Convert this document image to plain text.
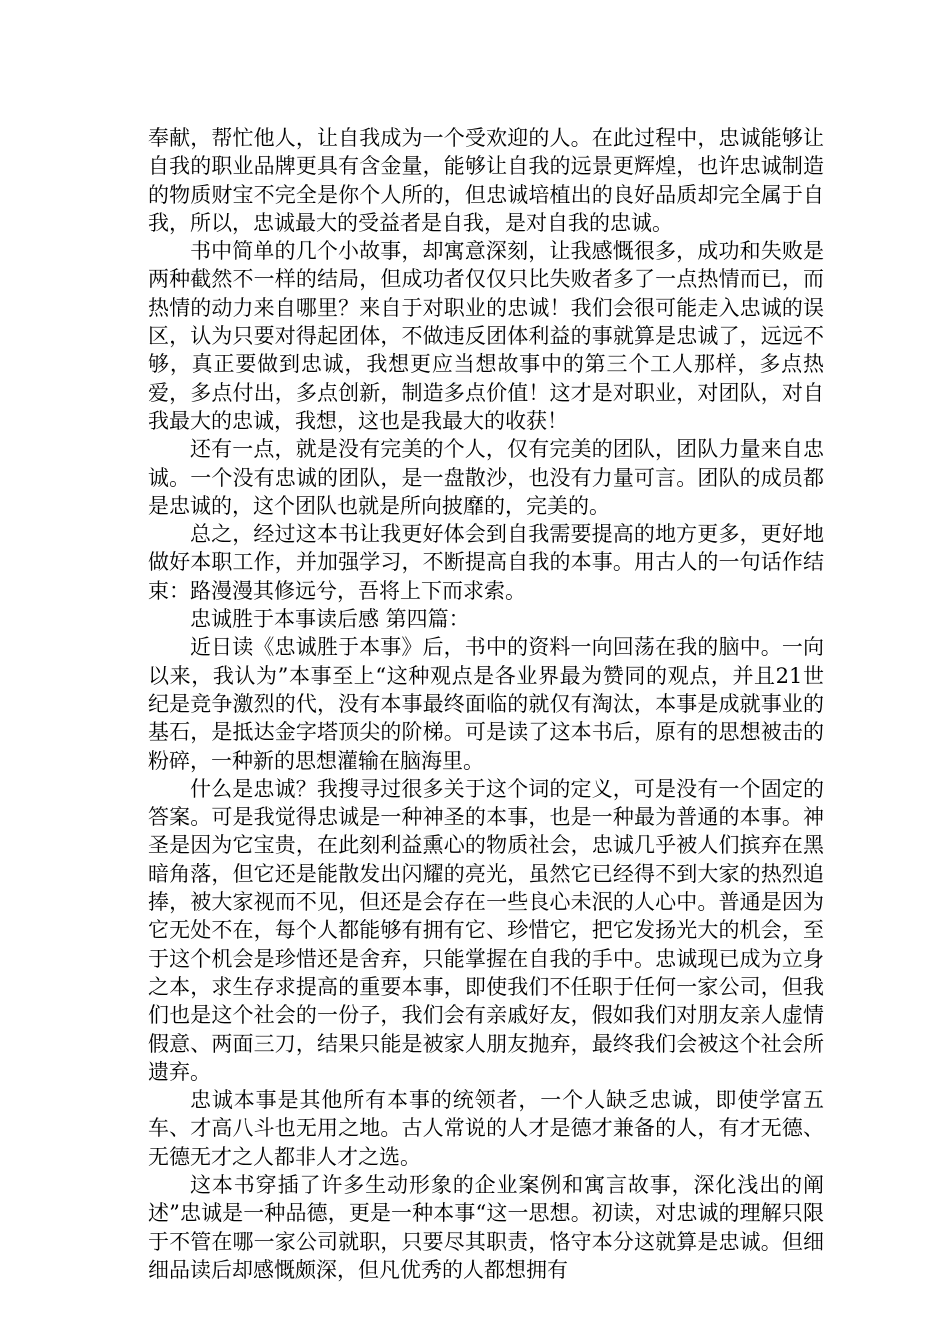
奉献，帮忙他人，让自我成为一个受欢迎的人。在此过程中，忠诚能够让自我的职业品牌更具有含金量，能够让自我的远景更辉煌，也许忠诚制造的物质财宝不完全是你个人所的，但忠诚培植出的良好品质却完全属于自我，所以，忠诚最大的受益者是自我，是对自我的忠诚。

书中简单的几个小故事，却寓意深刻，让我感慨很多，成功和失败是两种截然不一样的结局，但成功者仅仅只比失败者多了一点热情而已，而热情的动力来自哪里？来自于对职业的忠诚！我们会很可能走入忠诚的误区，认为只要对得起团体，不做违反团体利益的事就算是忠诚了，远远不够，真正要做到忠诚，我想更应当想故事中的第三个工人那样，多点热爱，多点付出，多点创新，制造多点价值！这才是对职业，对团队，对自我最大的忠诚，我想，这也是我最大的收获！

还有一点，就是没有完美的个人，仅有完美的团队，团队力量来自忠诚。一个没有忠诚的团队，是一盘散沙，也没有力量可言。团队的成员都是忠诚的，这个团队也就是所向披靡的，完美的。

总之，经过这本书让我更好体会到自我需要提高的地方更多，更好地做好本职工作，并加强学习，不断提高自我的本事。用古人的一句话作结束：路漫漫其修远兮，吾将上下而求索。

忠诚胜于本事读后感 第四篇：

近日读《忠诚胜于本事》后，书中的资料一向回荡在我的脑中。一向以来，我认为”本事至上“这种观点是各业界最为赞同的观点，并且21世纪是竞争激烈的代，没有本事最终面临的就仅有淘汰，本事是成就事业的基石，是抵达金字塔顶尖的阶梯。可是读了这本书后，原有的思想被击的粉碎，一种新的思想灌输在脑海里。

什么是忠诚？我搜寻过很多关于这个词的定义，可是没有一个固定的答案。可是我觉得忠诚是一种神圣的本事，也是一种最为普通的本事。神圣是因为它宝贵，在此刻利益熏心的物质社会，忠诚几乎被人们摈弃在黑暗角落，但它还是能散发出闪耀的亮光，虽然它已经得不到大家的热烈追捧，被大家视而不见，但还是会存在一些良心未泯的人心中。普通是因为它无处不在，每个人都能够有拥有它、珍惜它，把它发扬光大的机会，至于这个机会是珍惜还是舍弃，只能掌握在自我的手中。忠诚现已成为立身之本，求生存求提高的重要本事，即使我们不任职于任何一家公司，但我们也是这个社会的一份子，我们会有亲戚好友，假如我们对朋友亲人虚情假意、两面三刀，结果只能是被家人朋友抛弃，最终我们会被这个社会所遗弃。

忠诚本事是其他所有本事的统领者，一个人缺乏忠诚，即使学富五车、才高八斗也无用之地。古人常说的人才是德才兼备的人，有才无德、无德无才之人都非人才之选。

这本书穿插了许多生动形象的企业案例和寓言故事，深化浅出的阐述”忠诚是一种品德，更是一种本事“这一思想。初读，对忠诚的理解只限于不管在哪一家公司就职，只要尽其职责，恪守本分这就算是忠诚。但细细品读后却感慨颇深，但凡优秀的人都想拥有
